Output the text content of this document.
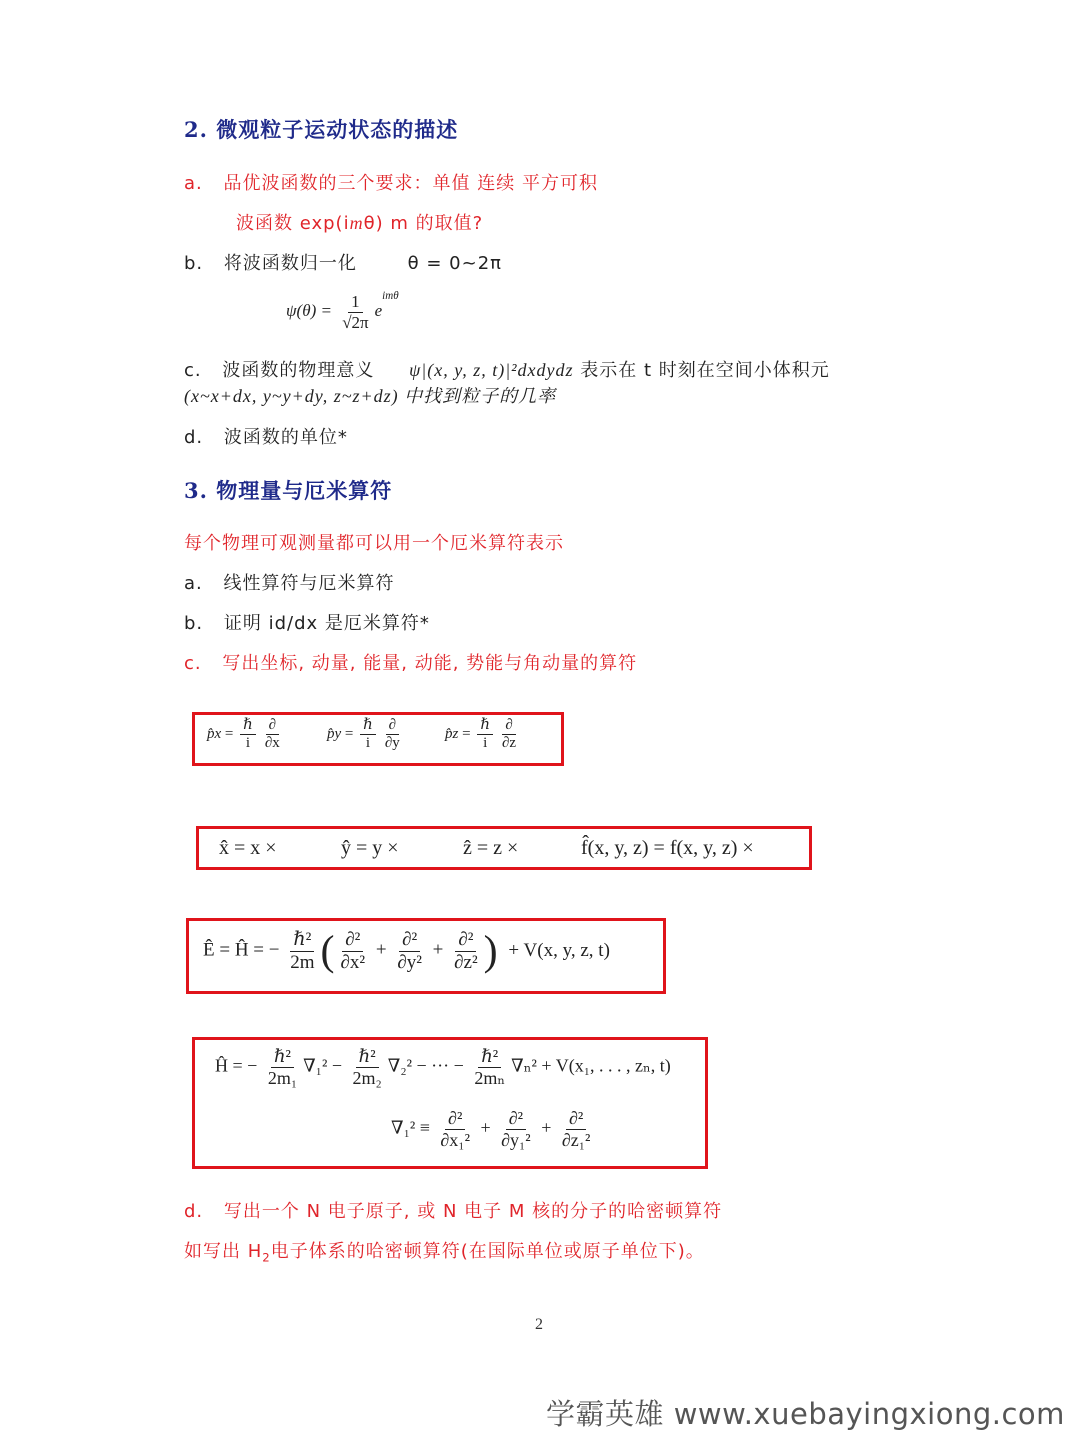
2. 微观粒子运动状态的描述
a. 品优波函数的三个要求：单值 连续 平方可积
波函数 exp(imθ) m 的取值?
b. 将波函数归一化	θ = 0~2π
$\psi(\theta) = \frac{1}{√2\pi} e^{im\theta}$
c. 波函数的物理意义 ψ|(x, y, z, t)|²dxdydz 表示在 t 时刻在空间小体积元
(x~x+dx, y~y+dy, z~z+dz) 中找到粒子的几率
d. 波函数的单位*
3. 物理量与厄米算符
每个物理可观测量都可以用一个厄米算符表示
a. 线性算符与厄米算符
b. 证明 id/dx 是厄米算符*
c. 写出坐标, 动量, 能量, 动能, 势能与角动量的算符
p̂x = $\frac{\text{ℏ}}{i} \frac{\partial}{\partial x}$	p̂y = $\frac{\text{ℏ}}{i} \frac{\partial}{\partial y}$	p̂z = $\frac{\text{ℏ}}{i} \frac{\partial}{\partial z}$
x̂ = x ×	ŷ = y ×	ẑ = z ×	f̂(x, y, z) = f(x, y, z) ×
Ê = Ĥ = − $\frac{\text{ℏ²}}{2m}$ ( $\frac{\text{∂²}}{\text{∂x²}} + \frac{\text{∂²}}{\text{∂y²}} + \frac{\text{∂²}}{\text{∂z²}}$ ) + V(x, y, z, t)
Ĥ = − $\frac{\text{ℏ²}}{\text{2m₁}} \nabla_1^2 - \frac{\text{ℏ²}}{\text{2m₂}} \nabla_2^2$ − ··· − $\frac{\text{ℏ²}}{\text{2mₙ}} \nabla_n^2 + V(x_1$, . . . , zₙ, t)
$\nabla_1^2 \equiv \frac{\text{∂²}}{\text{∂x₁²}} + \frac{\text{∂²}}{\text{∂y₁²}} + \frac{\text{∂²}}{\text{∂z₁²}}$
d. 写出一个 N 电子原子, 或 N 电子 M 核的分子的哈密顿算符
如写出 $H_2$电子体系的哈密顿算符(在国际单位或原子单位下)。
2
学霸英雄 www.xuebayingxiong.com
